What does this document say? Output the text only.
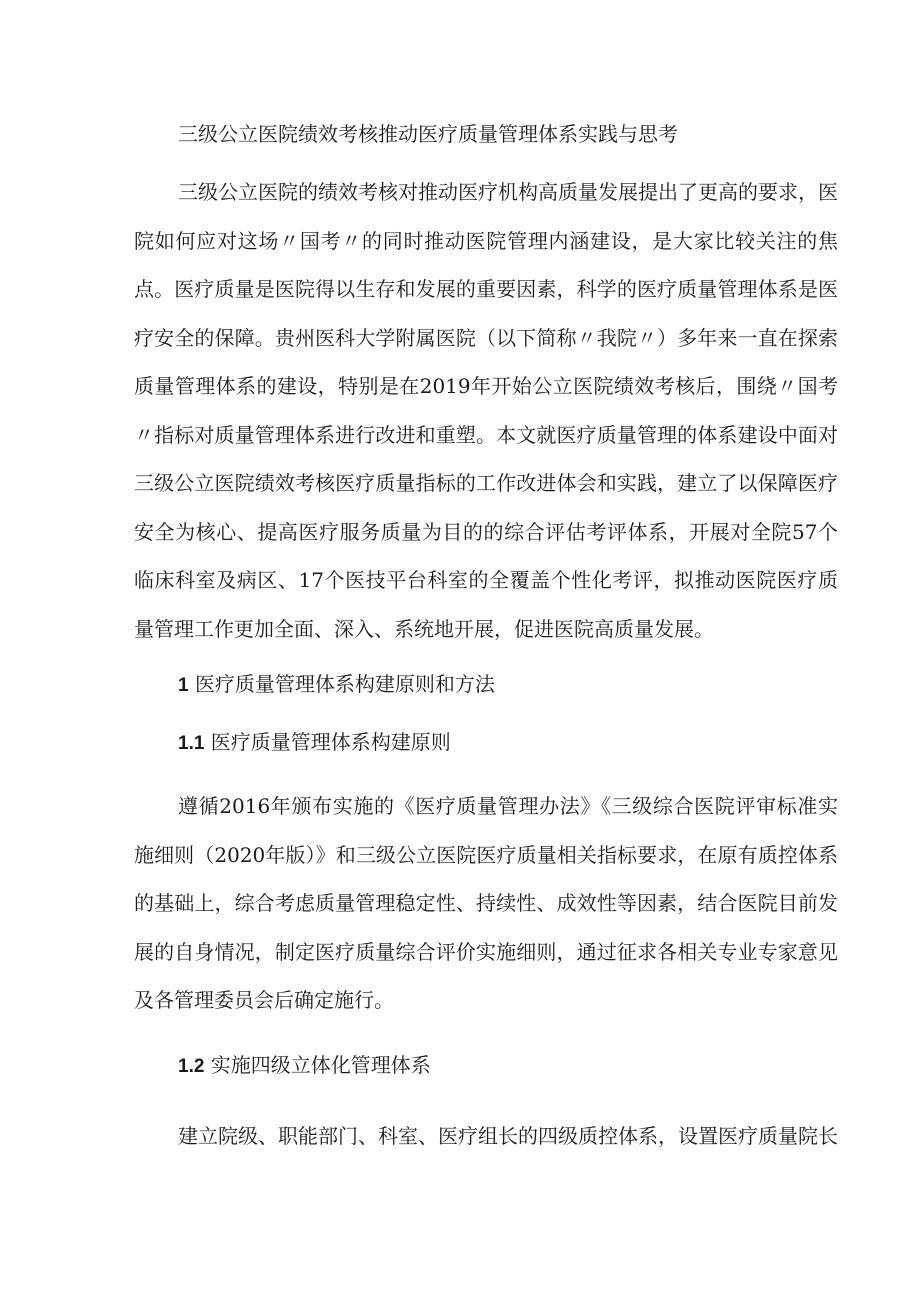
三级公立医院绩效考核推动医疗质量管理体系实践与思考

三级公立医院的绩效考核对推动医疗机构高质量发展提出了更高的要求，医院如何应对这场〃国考〃的同时推动医院管理内涵建设，是大家比较关注的焦点。医疗质量是医院得以生存和发展的重要因素，科学的医疗质量管理体系是医疗安全的保障。贵州医科大学附属医院（以下简称〃我院〃）多年来一直在探索质量管理体系的建设，特别是在2019年开始公立医院绩效考核后，围绕〃国考〃指标对质量管理体系进行改进和重塑。本文就医疗质量管理的体系建设中面对三级公立医院绩效考核医疗质量指标的工作改进体会和实践，建立了以保障医疗安全为核心、提高医疗服务质量为目的的综合评估考评体系，开展对全院57个临床科室及病区、17个医技平台科室的全覆盖个性化考评，拟推动医院医疗质量管理工作更加全面、深入、系统地开展，促进医院高质量发展。

1 医疗质量管理体系构建原则和方法
1.1 医疗质量管理体系构建原则

遵循2016年颁布实施的《医疗质量管理办法》《三级综合医院评审标准实施细则（2020年版）》和三级公立医院医疗质量相关指标要求，在原有质控体系的基础上，综合考虑质量管理稳定性、持续性、成效性等因素，结合医院目前发展的自身情况，制定医疗质量综合评价实施细则，通过征求各相关专业专家意见及各管理委员会后确定施行。

1.2 实施四级立体化管理体系

建立院级、职能部门、科室、医疗组长的四级质控体系，设置医疗质量院长
